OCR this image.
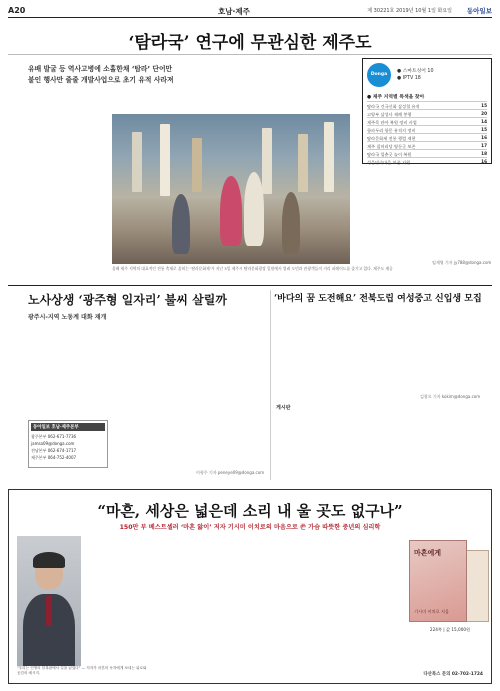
A20	호남·제주	제 30221호 2019년 10월 1일 화요일 동아일보
‘탐라국’ 연구에 무관심한 제주도
유배 발굴 등 역사고병에 소홀한채 ‘탐라’ 단어만 붙인 행사만 줄줄 개발사업으로 초기 유적 사라져
올해 제주 지역의 대표적인 전통 축제로 꼽히는 ‘탐라문화제’가 지난 3일 제주시 탐라문화광장 일원에서 열려 도민과 관광객들이 거리 퍼레이드를 즐기고 있다. 제주도 제공
임재영 기자 jy788@donga.com
Donga
● 스마트싱어 10
● IPTV 18
● 제주 지역별 특색을 찾아
탐라국 건국신화 삼성혈 유적	15
고양부 삼성사 제례 봉행	20
제주목 관아 복원 정비 사업	14
항파두리 항몽 유적지 정비	15
탐라문화제 전통 행렬 재현	16
제주 칠머리당 영등굿 보존	17
탐라국 입춘굿 놀이 복원	18
성읍민속마을 보존 지원	16
노사상생 ‘광주형 일자리’ 불씨 살릴까
광주시-지역 노동계 대화 재개
동아일보 호남·제주본부
광주본부 062-671-7736
jamsa09@donga.com
전남본부 062-674-1717
제주본부 064-752-4007
이형주 기자 peneye09@donga.com
‘바다의 꿈 도전해요’ 전북도립 여성중고 신입생 모집
김광오 기자 kokim@donga.com
게시판
“마흔, 세상은 넓은데 소리 내 울 곳도 없구나”
150만 부 베스트셀러 ‘마흔 앓이’ 저자 기시미 이치로의 마음으로 쓴 가슴 따뜻한 중년의 심리학
"우리는 인생의 한복판에서 길을 잃었다" — 저자가 마흔의 독자에게 보내는 위로와 공감의 메시지.
마흔에게
기시미 이치로 지음
224쪽 | 값 15,000원
다산북스 문의 02-702-1724
